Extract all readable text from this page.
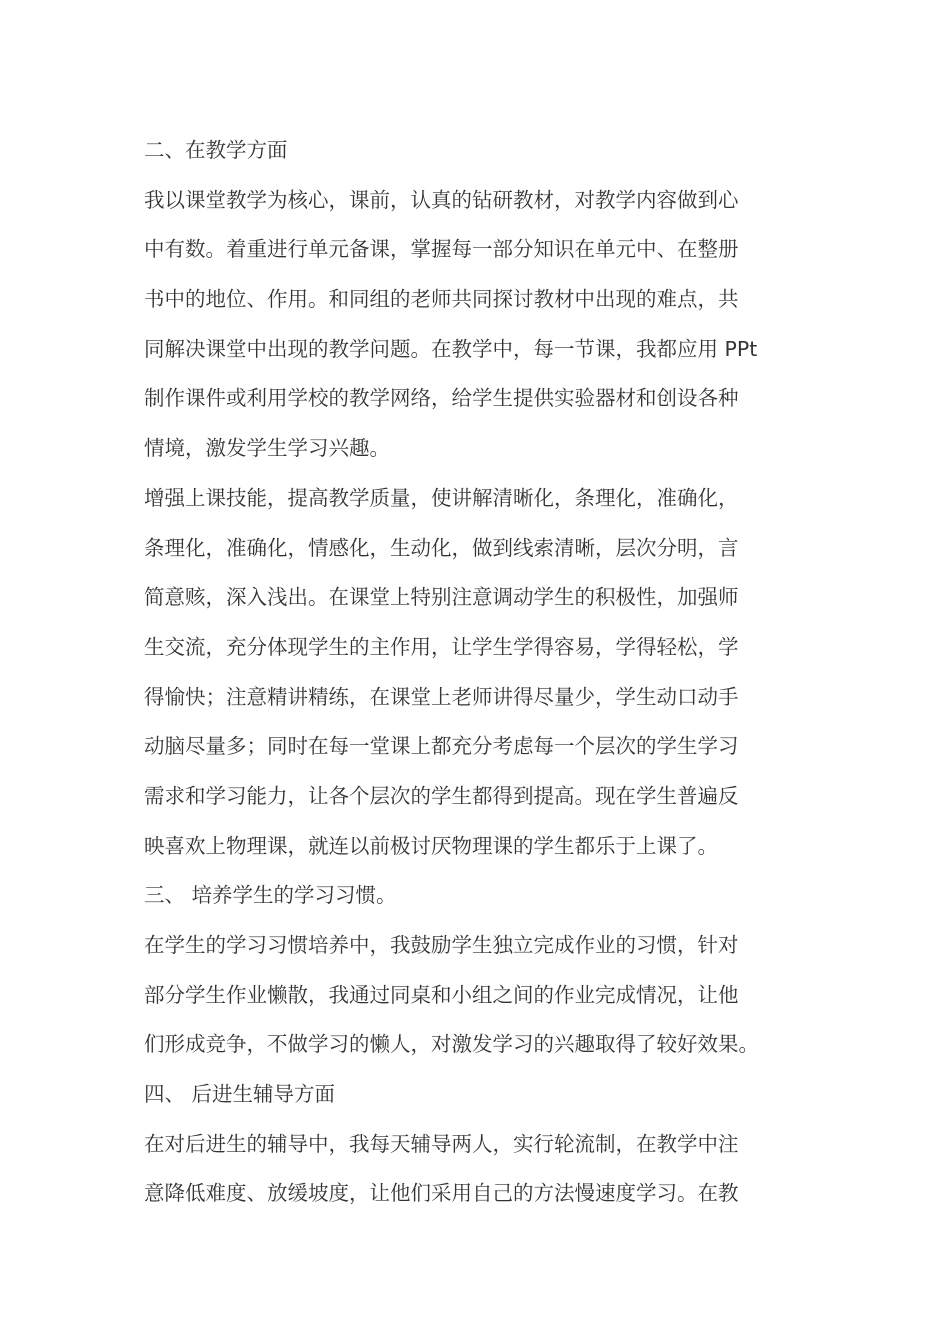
二、在教学方面
我以课堂教学为核心，课前，认真的钻研教材，对教学内容做到心
中有数。着重进行单元备课，掌握每一部分知识在单元中、在整册
书中的地位、作用。和同组的老师共同探讨教材中出现的难点，共
同解决课堂中出现的教学问题。在教学中，每一节课，我都应用 PPt
制作课件或利用学校的教学网络，给学生提供实验器材和创设各种
情境，激发学生学习兴趣。
增强上课技能，提高教学质量，使讲解清晰化，条理化，准确化，
条理化，准确化，情感化，生动化，做到线索清晰，层次分明，言
简意赅，深入浅出。在课堂上特别注意调动学生的积极性，加强师
生交流，充分体现学生的主作用，让学生学得容易，学得轻松，学
得愉快；注意精讲精练，在课堂上老师讲得尽量少，学生动口动手
动脑尽量多；同时在每一堂课上都充分考虑每一个层次的学生学习
需求和学习能力，让各个层次的学生都得到提高。现在学生普遍反
映喜欢上物理课，就连以前极讨厌物理课的学生都乐于上课了。
三、 培养学生的学习习惯。
在学生的学习习惯培养中，我鼓励学生独立完成作业的习惯，针对
部分学生作业懒散，我通过同桌和小组之间的作业完成情况，让他
们形成竞争，不做学习的懒人，对激发学习的兴趣取得了较好效果。
四、 后进生辅导方面
在对后进生的辅导中，我每天辅导两人，实行轮流制，在教学中注
意降低难度、放缓坡度，让他们采用自己的方法慢速度学习。在教
